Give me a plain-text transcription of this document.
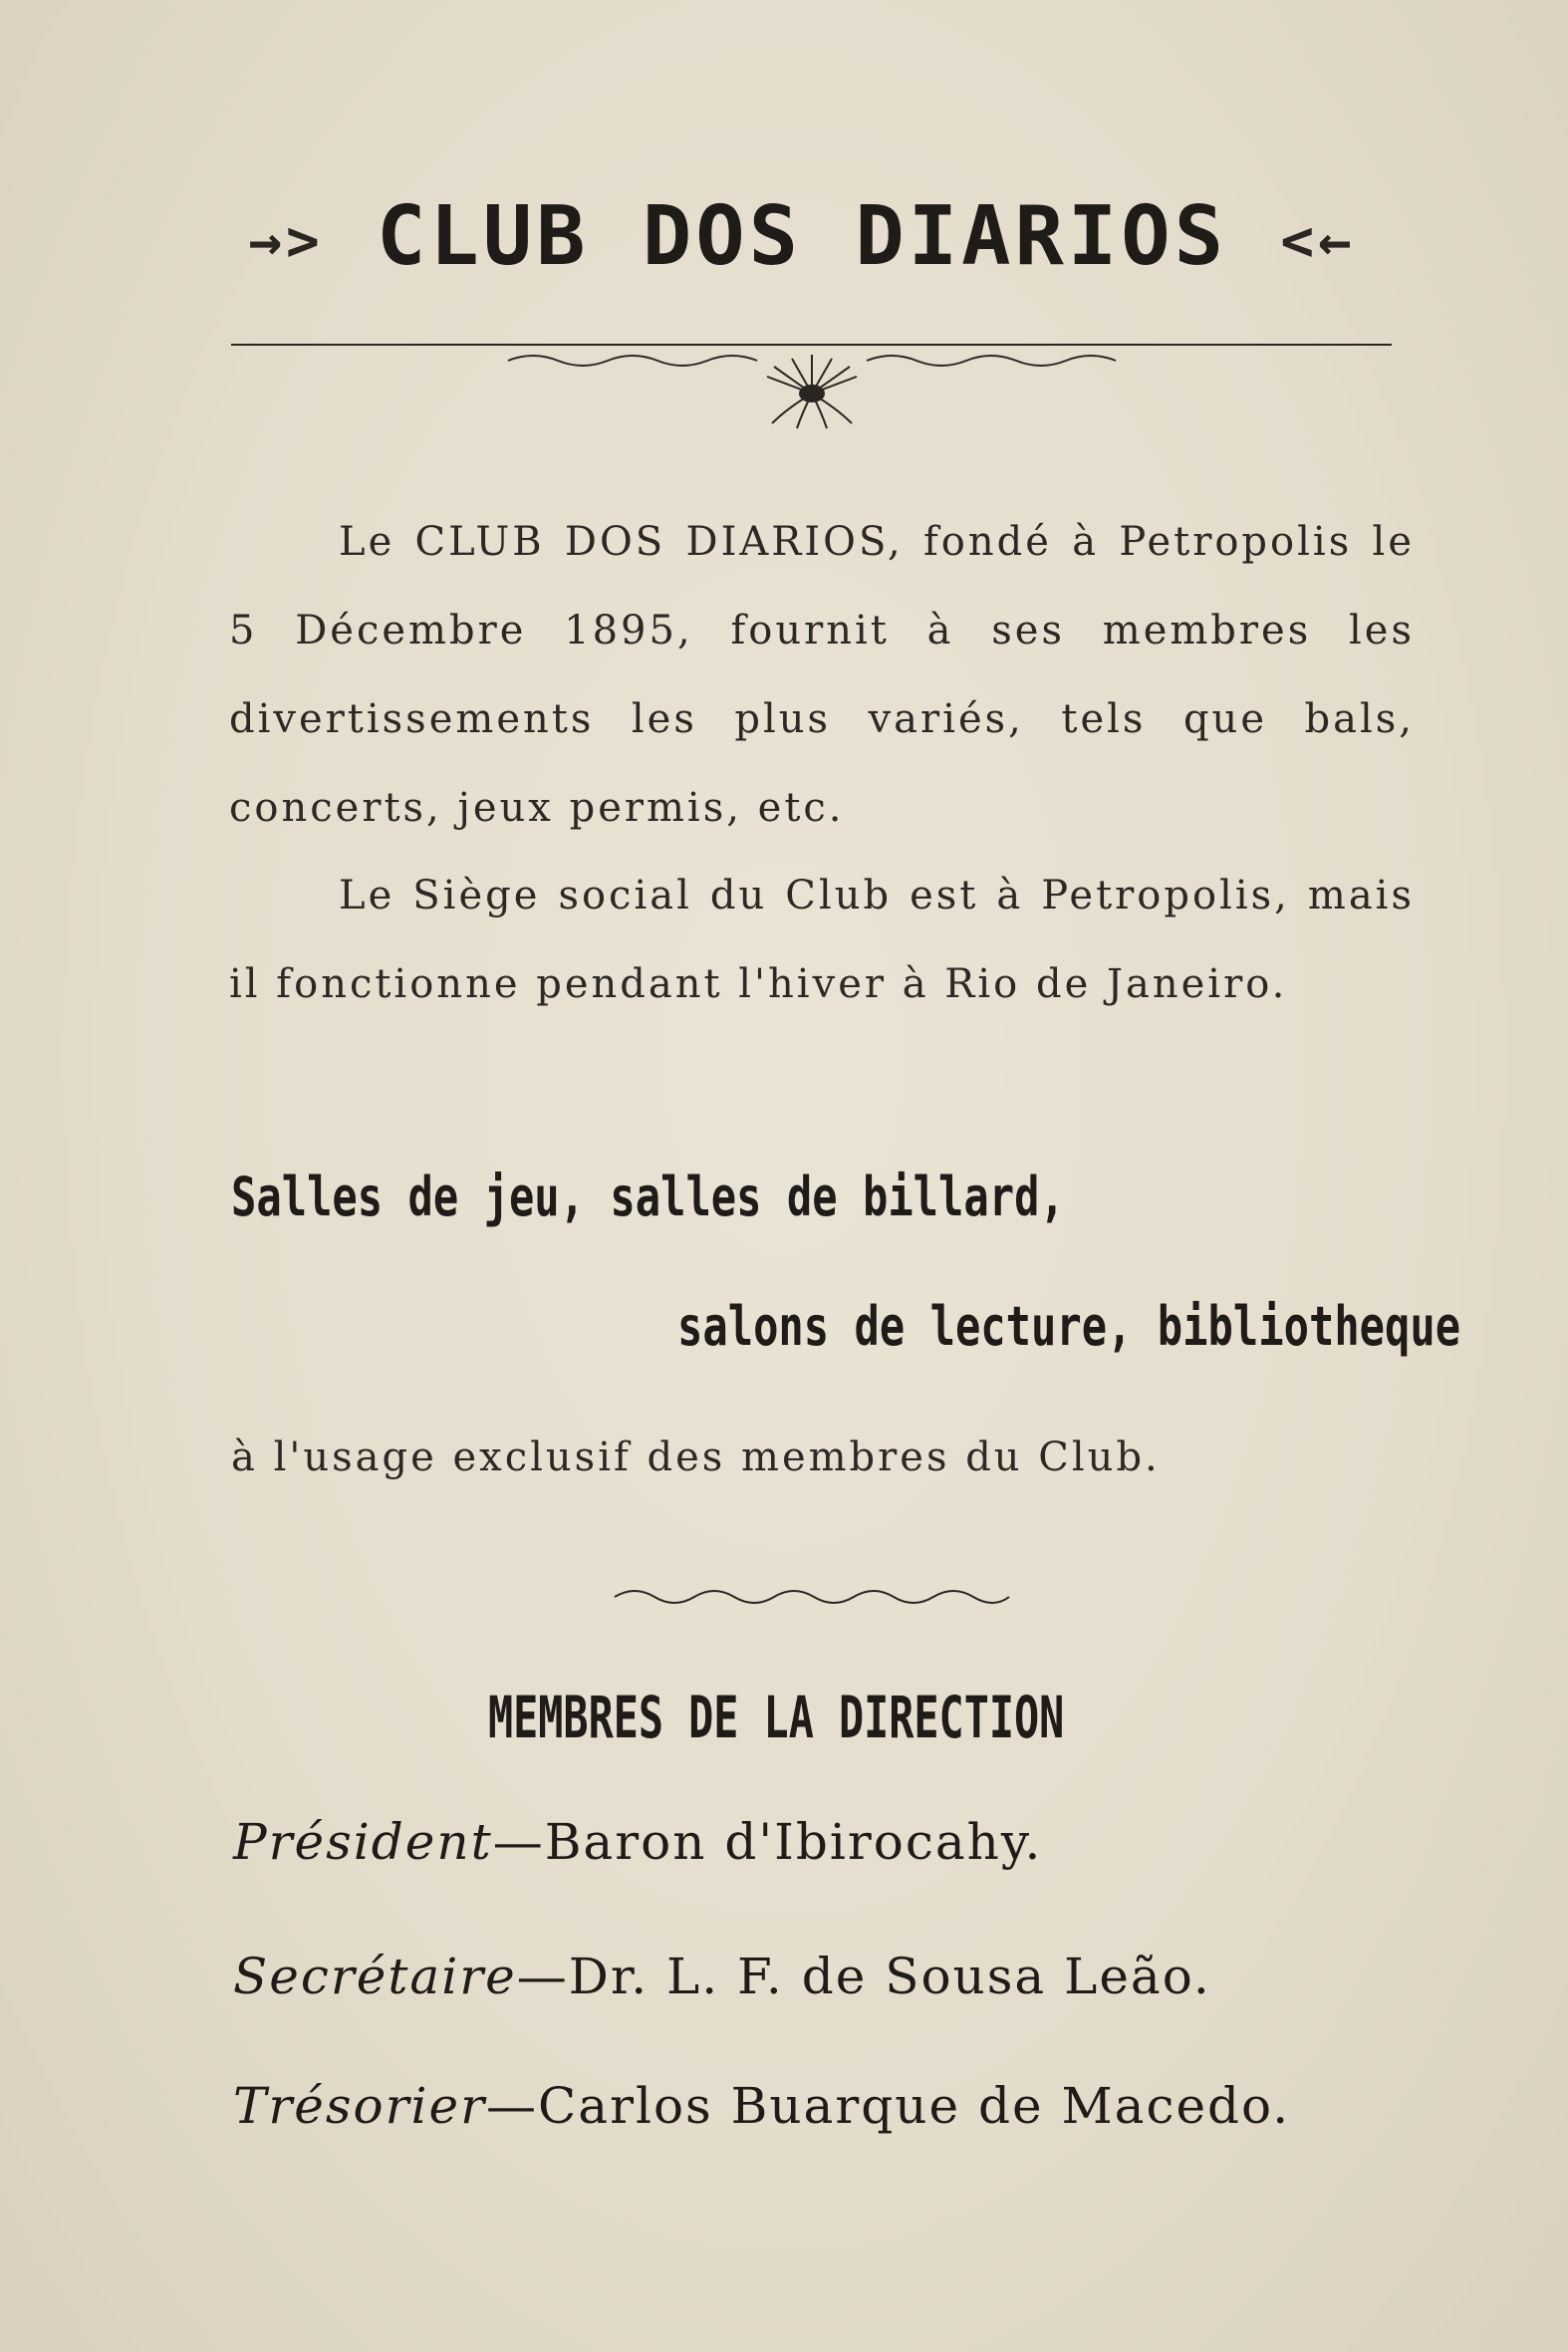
→> CLUB DOS DIARIOS <←
Le CLUB DOS DIARIOS, fondé à Petropolis le 5 Décembre 1895, fournit à ses membres les divertissements les plus variés, tels que bals, concerts, jeux permis, etc.
Le Siège social du Club est à Petropolis, mais il fonctionne pendant l'hiver à Rio de Janeiro.
Salles de jeu, salles de billard,
salons de lecture, bibliotheque
à l'usage exclusif des membres du Club.
MEMBRES DE LA DIRECTION
Président—Baron d'Ibirocahy.
Secrétaire—Dr. L. F. de Sousa Leão.
Trésorier—Carlos Buarque de Macedo.
